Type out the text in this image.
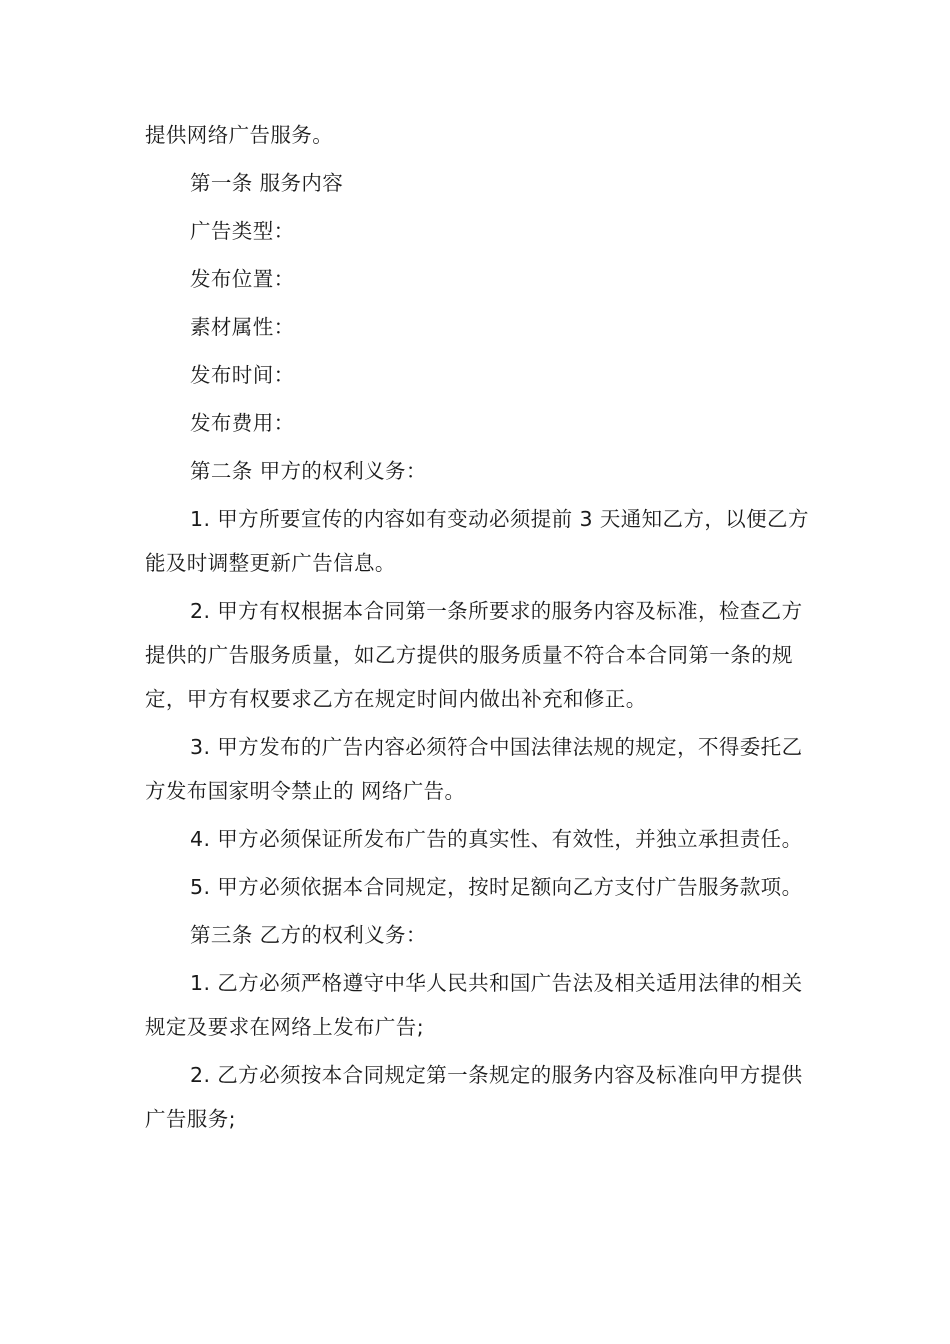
提供网络广告服务。

第一条 服务内容

广告类型：

发布位置：

素材属性：

发布时间：

发布费用：

第二条 甲方的权利义务：

1. 甲方所要宣传的内容如有变动必须提前 3 天通知乙方，以便乙方能及时调整更新广告信息。

2. 甲方有权根据本合同第一条所要求的服务内容及标准，检查乙方提供的广告服务质量，如乙方提供的服务质量不符合本合同第一条的规定，甲方有权要求乙方在规定时间内做出补充和修正。

3. 甲方发布的广告内容必须符合中国法律法规的规定，不得委托乙方发布国家明令禁止的 网络广告。

4. 甲方必须保证所发布广告的真实性、有效性，并独立承担责任。

5. 甲方必须依据本合同规定，按时足额向乙方支付广告服务款项。

第三条 乙方的权利义务：

1. 乙方必须严格遵守中华人民共和国广告法及相关适用法律的相关规定及要求在网络上发布广告;

2. 乙方必须按本合同规定第一条规定的服务内容及标准向甲方提供广告服务;
